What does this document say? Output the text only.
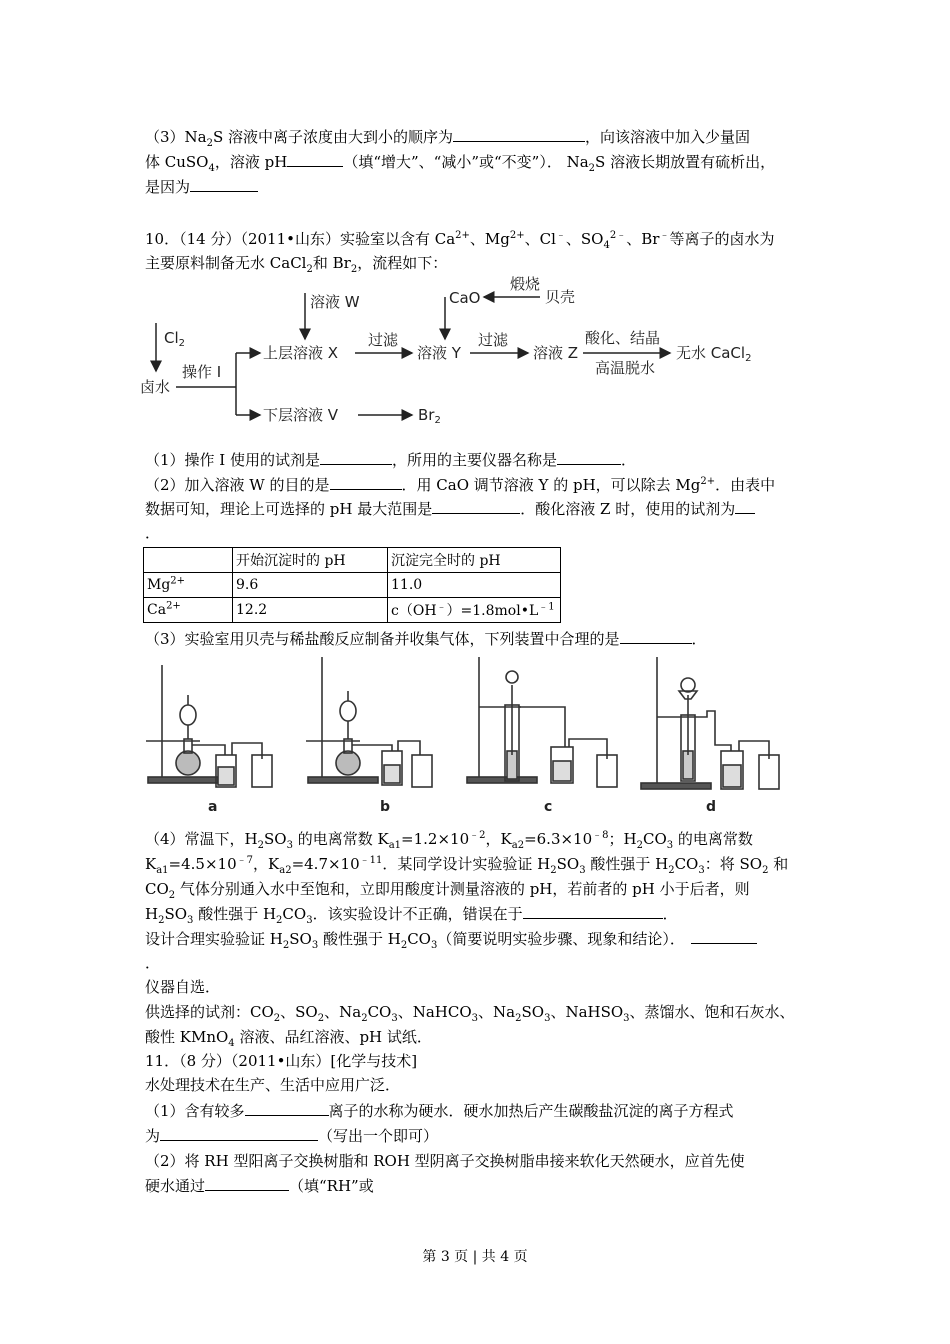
$(3)Na_2S$ 溶液中离子浓度由大到小的顺序为	，向该溶液中加入少量固
体 CuSO$_4$，溶液 pH	（填“增大”、“减小”或“不变”）． $Na_2S$ 溶液长期放置有硫析出，
是因为
10．（14 分）（2011•山东）实验室以含有 $Ca^{2+}$、$Mg^{2+}$、Cl﹣、$SO_4^{2﹣}$、Br﹣等离子的卤水为
主要原料制备无水 CaCl$_2$和 $Br_2$，流程如下：
溶液 W	CaO
煅烧
贝壳
$Cl_2$
卤水
操作 I
上层溶液 X
过滤
溶液 Y
过滤
溶液 Z
酸化、结晶
高温脱水
无水 CaCl$_2$
下层溶液 V	$Br_2$
（1）操作 I 使用的试剂是	，所用的主要仪器名称是	．
（2）加入溶液 W 的目的是	．用 CaO 调节溶液 Y 的 pH，可以除去 $Mg^{2+}$．由表中
数据可知，理论上可选择的 pH 最大范围是	．酸化溶液 Z 时，使用的试剂为
．
	开始沉淀时的 pH	沉淀完全时的 pH
$Mg^{2+}$	9.6	11.0
$Ca^{2+}$	12.2	$c(OH^﹣)=1.8mol•L^{﹣1}$
（3）实验室用贝壳与稀盐酸反应制备并收集气体，下列装置中合理的是	．
a	b	c	d
（4）常温下，$H_2SO_3$ 的电离常数 $K_{a1}=1.2\times 10^{﹣2}$，$K_{a2}=6.3\times 10^{﹣8}$；$H_2CO_3$ 的电离常数
$K_{a1}=4.5\times 10^{﹣7}$，$K_{a2}=4.7\times 10^{﹣11}$．某同学设计实验验证 $H_2SO_3$ 酸性强于 $H_2CO_3$：将 $SO_2$ 和
$CO_2$ 气体分别通入水中至饱和，立即用酸度计测量溶液的 pH，若前者的 pH 小于后者，则
$H_2SO_3$ 酸性强于 $H_2CO_3$．该实验设计不正确，错误在于	．
设计合理实验验证 $H_2SO_3$ 酸性强于 $H_2CO_3$（简要说明实验步骤、现象和结论）．
．
仪器自选．
供选择的试剂：$CO_2$、$SO_2$、$Na_2CO_3$、NaHCO$_3$、$Na_2SO_3$、NaHSO$_3$、蒸馏水、饱和石灰水、
酸性 KMnO$_4$ 溶液、品红溶液、pH 试纸．
11．（8 分）（2011•山东）[化学与技术]
水处理技术在生产、生活中应用广泛．
（1）含有较多	离子的水称为硬水．硬水加热后产生碳酸盐沉淀的离子方程式
为	（写出一个即可）
（2）将 RH 型阳离子交换树脂和 ROH 型阴离子交换树脂串接来软化天然硬水，应首先使
硬水通过	（填“RH”或
第 3 页 | 共 4 页
